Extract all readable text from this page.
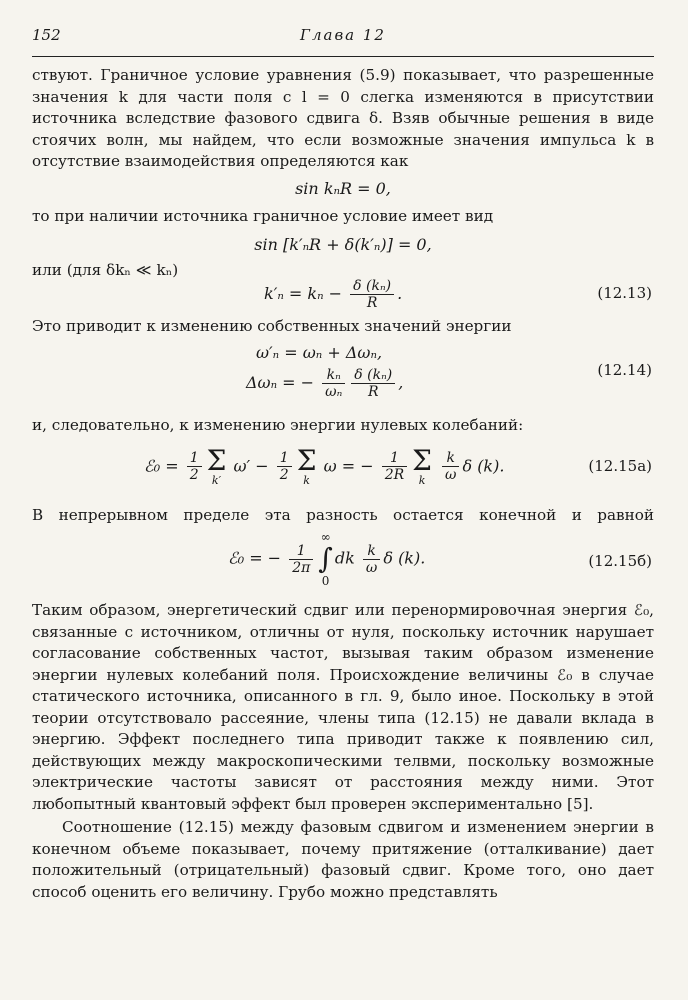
152	Глава 12

ствуют. Граничное условие уравнения (5.9) показывает, что разрешенные значения k для части поля с l = 0 слегка изменяются в присутствии источника вследствие фазового сдвига δ. Взяв обычные решения в виде стоячих волн, мы найдем, что если возможные значения импульса k в отсутствие взаимодействия определяются как

sin kₙR = 0,

то при наличии источника граничное условие имеет вид

sin [k′ₙR + δ(k′ₙ)] = 0,

или (для δkₙ ≪ kₙ)

$k'_n = k_n - \frac{\text{δ (kₙ)}}{R}$ .	(12.13)

Это приводит к изменению собственных значений энергии

ω′ₙ = ωₙ + Δωₙ,
Δωₙ = − $\frac{\text{kₙ}}{\text{ωₙ}} \frac{\text{δ (kₙ)}}{R}$ ,
(12.14)

и, следовательно, к изменению энергии нулевых колебаний:

ℰ₀ = $\frac{1}{2}$ Σ
k′
$\omega' - \frac{1}{2}$ Σ
k
ω = − $\frac{1}{2R}$ Σ
k
	$\frac{k}{\omega}$ δ (k).	(12.15a)

В непрерывном пределе эта разность остается конечной и равной

ℰ₀ = − $\frac{1}{2\pi}$
∞
∫
0
dk $\frac{k}{\omega}$ δ (k).	(12.15б)

Таким образом, энергетический сдвиг или перенормировочная энергия ℰ₀, связанные с источником, отличны от нуля, поскольку источник нарушает согласование собственных частот, вызывая таким образом изменение энергии нулевых колебаний поля. Происхождение величины ℰ₀ в случае статического источника, описанного в гл. 9, было иное. Поскольку в этой теории отсутствовало рассеяние, члены типа (12.15) не давали вклада в энергию. Эффект последнего типа приводит также к появлению сил, действующих между макроскопическими телвми, поскольку возможные электрические частоты зависят от расстояния между ними. Этот любопытный квантовый эффект был проверен экспериментально [5].

Соотношение (12.15) между фазовым сдвигом и изменением энергии в конечном объеме показывает, почему притяжение (отталкивание) дает положительный (отрицательный) фазовый сдвиг. Кроме того, оно дает способ оценить его величину. Грубо можно представлять
